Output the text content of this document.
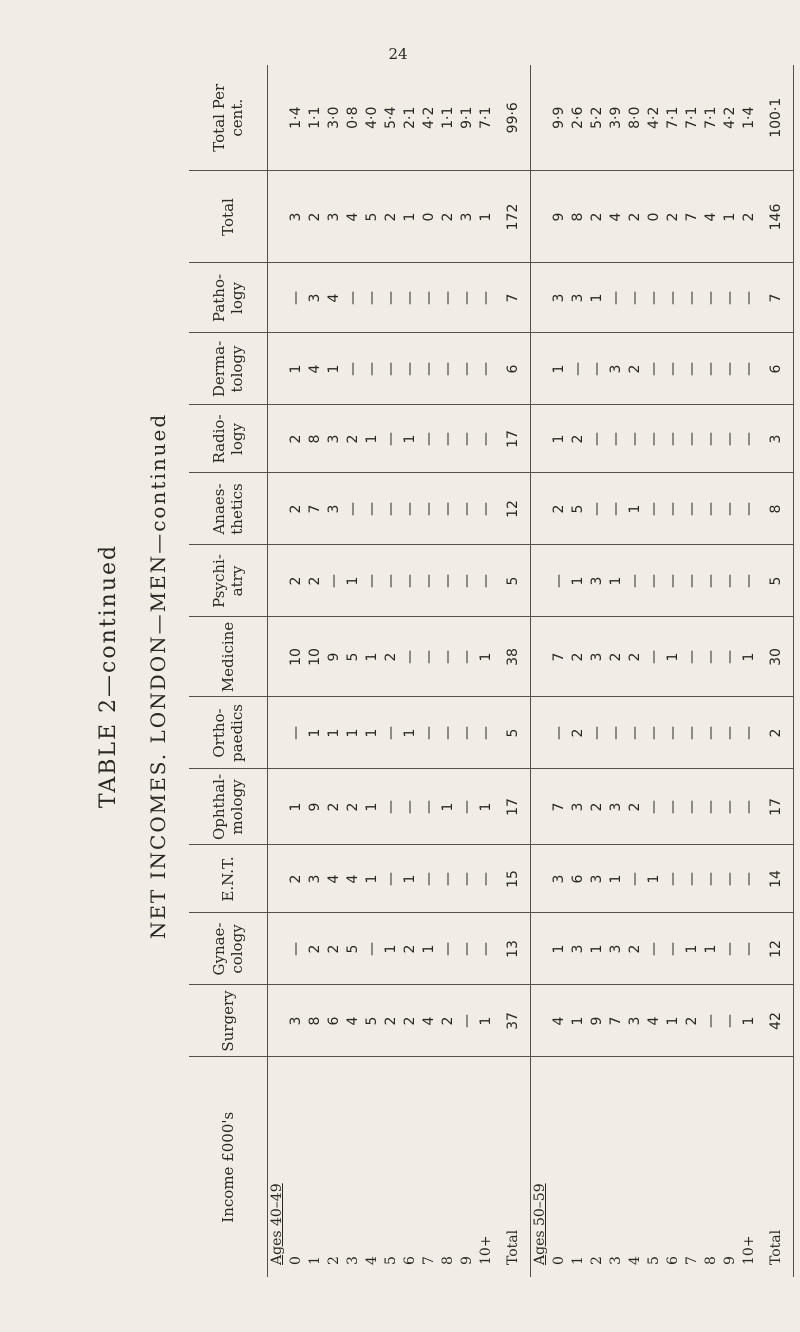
24
TABLE 2—continued NET INCOMES. LONDON—MEN—continued
Income £000's	Surgery	Gynae-cology	E.N.T.	Ophthal-mology	Ortho-paedics	Medicine	Psychi-atry	Anaes-thetics	Radio-logy	Derma-tology	Patho-logy	Total	Total Per cent.
Ages 40–49													
0	3	—	2	1	—	10	2	2	2	1	—	3	1·4
1	8	2	3	9	1	10	2	7	8	4	3	2	1·1
2	6	2	4	2	1	9	—	3	3	1	4	3	3·0
3	4	5	4	2	1	5	1	—	2	—	—	4	0·8
4	5	—	1	1	1	1	—	—	1	—	—	5	4·0
5	2	1	—	—	—	2	—	—	—	—	—	2	5·4
6	2	2	1	—	1	—	—	—	1	—	—	1	2·1
7	4	1	—	—	—	—	—	—	—	—	—	0	4·2
8	2	—	—	1	—	—	—	—	—	—	—	2	1·1
9	—	—	—	—	—	—	—	—	—	—	—	3	9·1
10+	1	—	—	1	—	1	—	—	—	—	—	1	7·1
Total	37	13	15	17	5	38	5	12	17	6	7	172	99·6
Ages 50–59													
0	4	1	3	7	—	7	—	2	1	1	3	9	9·9
1	1	3	6	3	2	2	1	5	2	—	3	8	2·6
2	9	1	3	2	—	3	3	—	—	—	1	2	5·2
3	7	3	1	3	—	2	1	—	—	3	—	4	3·9
4	3	2	—	2	—	2	—	1	—	2	—	2	8·0
5	4	—	1	—	—	—	—	—	—	—	—	0	4·2
6	1	—	—	—	—	1	—	—	—	—	—	2	7·1
7	2	1	—	—	—	—	—	—	—	—	—	7	7·1
8	—	1	—	—	—	—	—	—	—	—	—	4	7·1
9	—	—	—	—	—	—	—	—	—	—	—	1	4·2
10+	1	—	—	—	—	1	—	—	—	—	—	2	1·4
Total	42	12	14	17	2	30	5	8	3	6	7	146	100·1
